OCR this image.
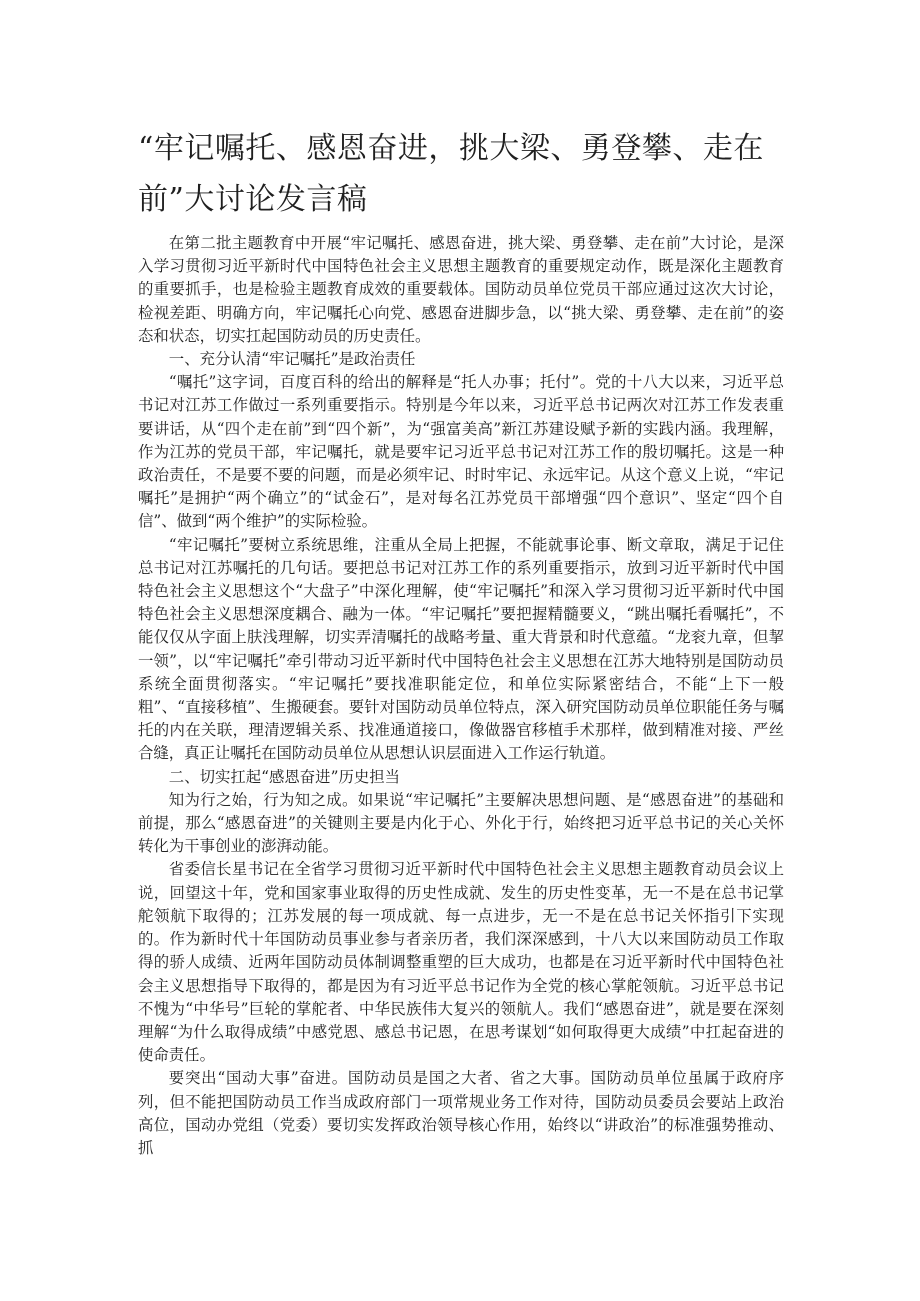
“牢记嘱托、感恩奋进，挑大梁、勇登攀、走在前”大讨论发言稿

在第二批主题教育中开展“牢记嘱托、感恩奋进，挑大梁、勇登攀、走在前”大讨论，是深入学习贯彻习近平新时代中国特色社会主义思想主题教育的重要规定动作，既是深化主题教育的重要抓手，也是检验主题教育成效的重要载体。国防动员单位党员干部应通过这次大讨论，检视差距、明确方向，牢记嘱托心向党、感恩奋进脚步急，以“挑大梁、勇登攀、走在前”的姿态和状态，切实扛起国防动员的历史责任。

一、充分认清“牢记嘱托”是政治责任

“嘱托”这字词，百度百科的给出的解释是“托人办事；托付”。党的十八大以来，习近平总书记对江苏工作做过一系列重要指示。特别是今年以来，习近平总书记两次对江苏工作发表重要讲话，从“四个走在前”到“四个新”，为“强富美高”新江苏建设赋予新的实践内涵。我理解，作为江苏的党员干部，牢记嘱托，就是要牢记习近平总书记对江苏工作的殷切嘱托。这是一种政治责任，不是要不要的问题，而是必须牢记、时时牢记、永远牢记。从这个意义上说，“牢记嘱托”是拥护“两个确立”的“试金石”，是对每名江苏党员干部增强“四个意识”、坚定“四个自信”、做到“两个维护”的实际检验。

“牢记嘱托”要树立系统思维，注重从全局上把握，不能就事论事、断文章取，满足于记住总书记对江苏嘱托的几句话。要把总书记对江苏工作的系列重要指示，放到习近平新时代中国特色社会主义思想这个“大盘子”中深化理解，使“牢记嘱托”和深入学习贯彻习近平新时代中国特色社会主义思想深度耦合、融为一体。“牢记嘱托”要把握精髓要义，“跳出嘱托看嘱托”，不能仅仅从字面上肤浅理解，切实弄清嘱托的战略考量、重大背景和时代意蕴。“龙衮九章，但挈一领”，以“牢记嘱托”牵引带动习近平新时代中国特色社会主义思想在江苏大地特别是国防动员系统全面贯彻落实。“牢记嘱托”要找准职能定位，和单位实际紧密结合，不能“上下一般粗”、“直接移植”、生搬硬套。要针对国防动员单位特点，深入研究国防动员单位职能任务与嘱托的内在关联，理清逻辑关系、找准通道接口，像做器官移植手术那样，做到精准对接、严丝合缝，真正让嘱托在国防动员单位从思想认识层面进入工作运行轨道。

二、切实扛起“感恩奋进”历史担当

知为行之始，行为知之成。如果说“牢记嘱托”主要解决思想问题、是“感恩奋进”的基础和前提，那么“感恩奋进”的关键则主要是内化于心、外化于行，始终把习近平总书记的关心关怀转化为干事创业的澎湃动能。

省委信长星书记在全省学习贯彻习近平新时代中国特色社会主义思想主题教育动员会议上说，回望这十年，党和国家事业取得的历史性成就、发生的历史性变革，无一不是在总书记掌舵领航下取得的；江苏发展的每一项成就、每一点进步，无一不是在总书记关怀指引下实现的。作为新时代十年国防动员事业参与者亲历者，我们深深感到，十八大以来国防动员工作取得的骄人成绩、近两年国防动员体制调整重塑的巨大成功，也都是在习近平新时代中国特色社会主义思想指导下取得的，都是因为有习近平总书记作为全党的核心掌舵领航。习近平总书记不愧为“中华号”巨轮的掌舵者、中华民族伟大复兴的领航人。我们“感恩奋进”，就是要在深刻理解“为什么取得成绩”中感党恩、感总书记恩，在思考谋划“如何取得更大成绩”中扛起奋进的使命责任。

要突出“国动大事”奋进。国防动员是国之大者、省之大事。国防动员单位虽属于政府序列，但不能把国防动员工作当成政府部门一项常规业务工作对待，国防动员委员会要站上政治高位，国动办党组（党委）要切实发挥政治领导核心作用，始终以“讲政治”的标准强势推动、抓
